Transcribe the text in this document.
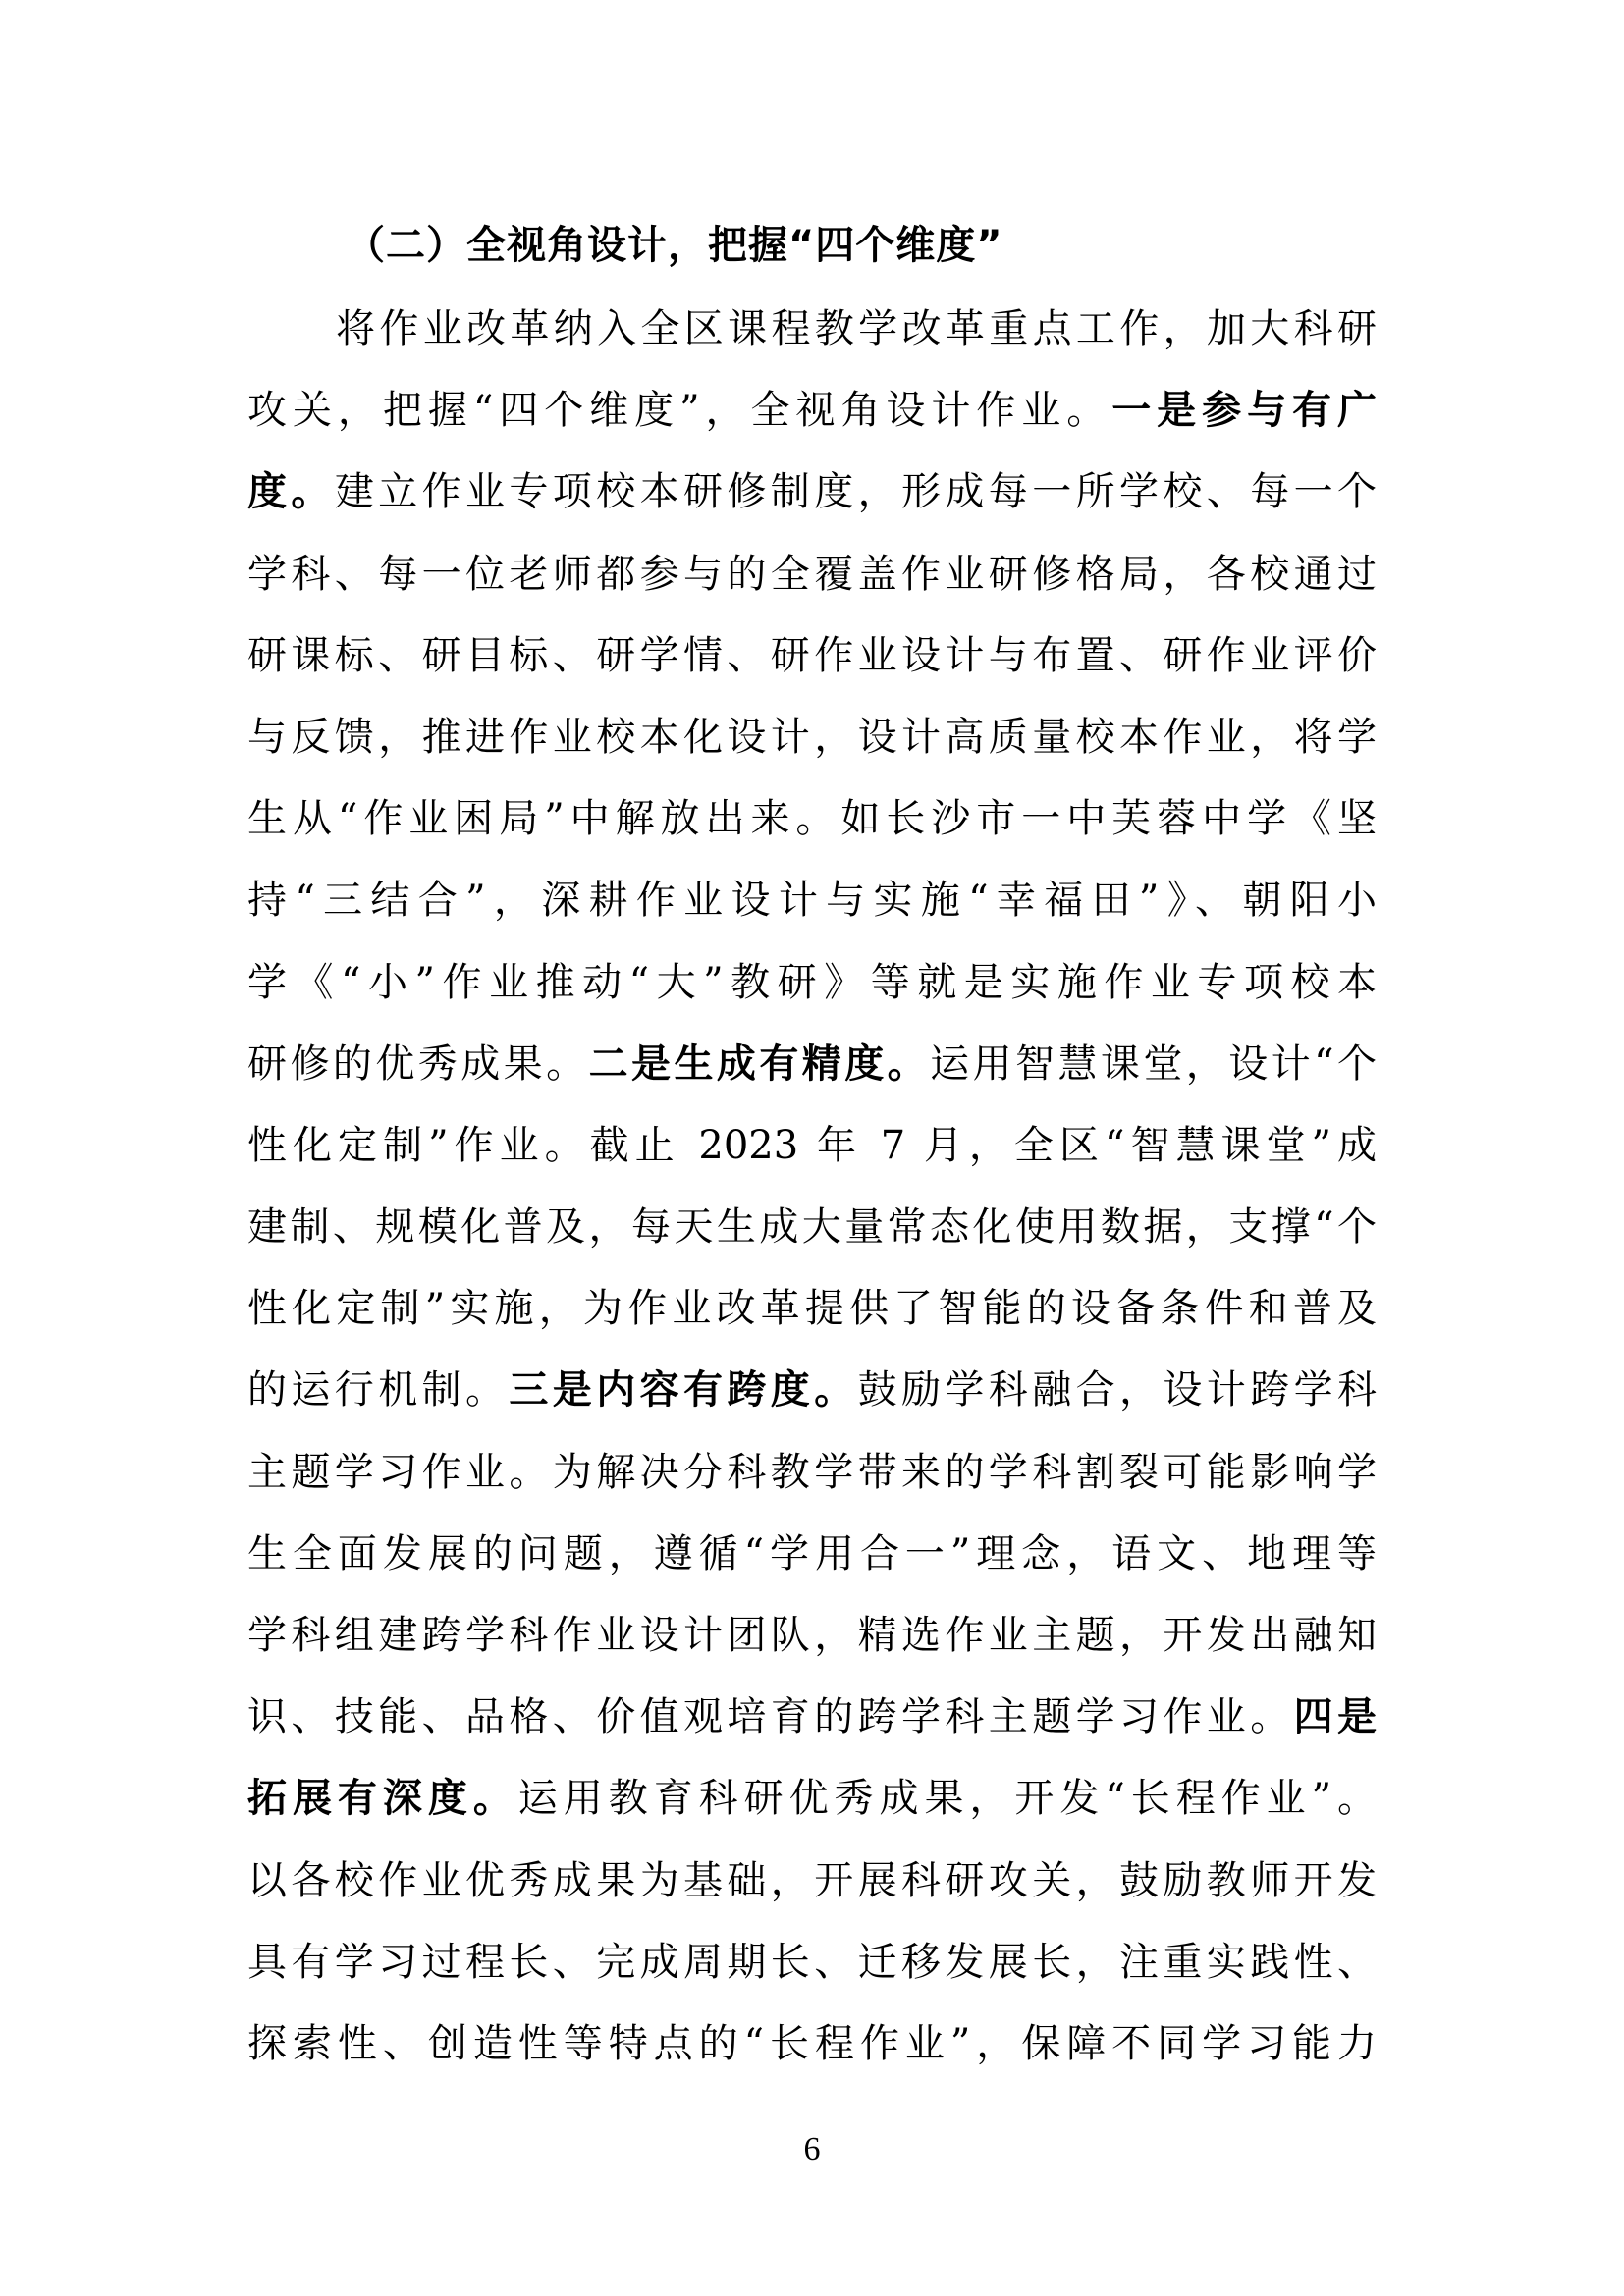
（二）全视角设计，把握“四个维度”
将作业改革纳入全区课程教学改革重点工作，加大科研
攻关，把握“四个维度”，全视角设计作业。一是参与有广
度。建立作业专项校本研修制度，形成每一所学校、每一个
学科、每一位老师都参与的全覆盖作业研修格局，各校通过
研课标、研目标、研学情、研作业设计与布置、研作业评价
与反馈，推进作业校本化设计，设计高质量校本作业，将学
生从“作业困局”中解放出来。如长沙市一中芙蓉中学《坚
持“三结合”，深耕作业设计与实施“幸福田”》、朝阳小
学《“小”作业推动“大”教研》等就是实施作业专项校本
研修的优秀成果。二是生成有精度。运用智慧课堂，设计“个
性化定制”作业。截止 2023 年 7 月，全区“智慧课堂”成
建制、规模化普及，每天生成大量常态化使用数据，支撑“个
性化定制”实施，为作业改革提供了智能的设备条件和普及
的运行机制。三是内容有跨度。鼓励学科融合，设计跨学科
主题学习作业。为解决分科教学带来的学科割裂可能影响学
生全面发展的问题，遵循“学用合一”理念，语文、地理等
学科组建跨学科作业设计团队，精选作业主题，开发出融知
识、技能、品格、价值观培育的跨学科主题学习作业。四是
拓展有深度。运用教育科研优秀成果，开发“长程作业”。
以各校作业优秀成果为基础，开展科研攻关，鼓励教师开发
具有学习过程长、完成周期长、迁移发展长，注重实践性、
探索性、创造性等特点的“长程作业”，保障不同学习能力
6
